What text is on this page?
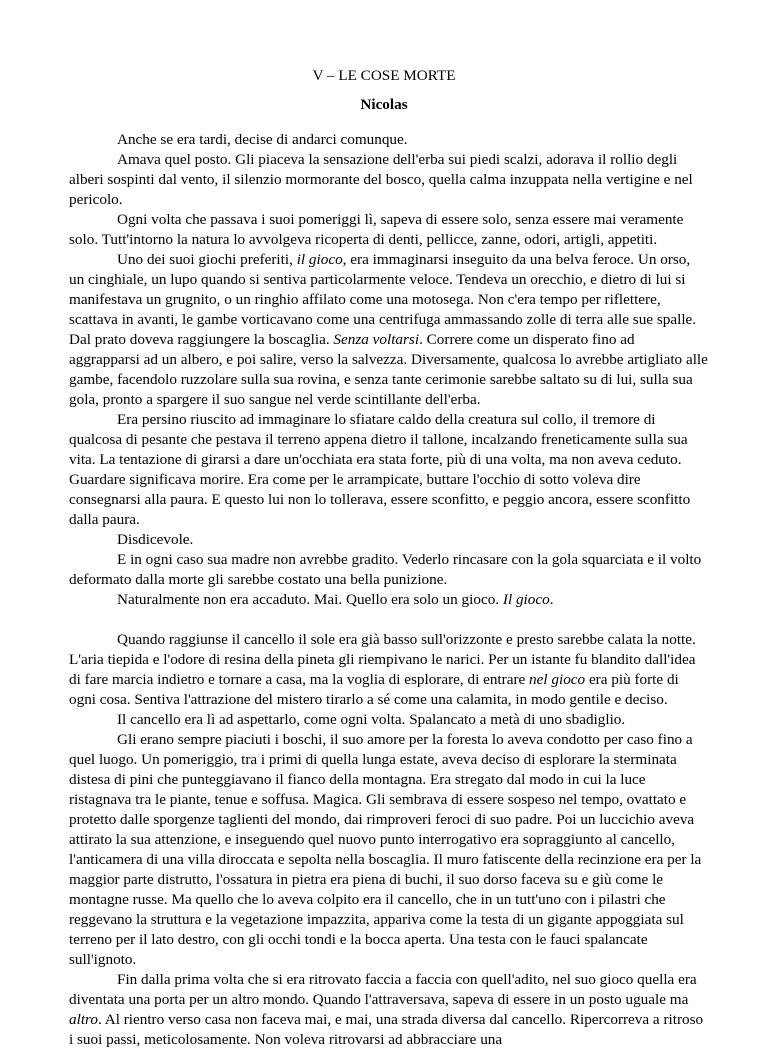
V – LE COSE MORTE
Nicolas

Anche se era tardi, decise di andarci comunque.

Amava quel posto. Gli piaceva la sensazione dell'erba sui piedi scalzi, adorava il rollio degli alberi sospinti dal vento, il silenzio mormorante del bosco, quella calma inzuppata nella vertigine e nel pericolo.

Ogni volta che passava i suoi pomeriggi lì, sapeva di essere solo, senza essere mai veramente solo. Tutt'intorno la natura lo avvolgeva ricoperta di denti, pellicce, zanne, odori, artigli, appetiti.

Uno dei suoi giochi preferiti, il gioco, era immaginarsi inseguito da una belva feroce. Un orso, un cinghiale, un lupo quando si sentiva particolarmente veloce. Tendeva un orecchio, e dietro di lui si manifestava un grugnito, o un ringhio affilato come una motosega. Non c'era tempo per riflettere, scattava in avanti, le gambe vorticavano come una centrifuga ammassando zolle di terra alle sue spalle. Dal prato doveva raggiungere la boscaglia. Senza voltarsi. Correre come un disperato fino ad aggrapparsi ad un albero, e poi salire, verso la salvezza. Diversamente, qualcosa lo avrebbe artigliato alle gambe, facendolo ruzzolare sulla sua rovina, e senza tante cerimonie sarebbe saltato su di lui, sulla sua gola, pronto a spargere il suo sangue nel verde scintillante dell'erba.

Era persino riuscito ad immaginare lo sfiatare caldo della creatura sul collo, il tremore di qualcosa di pesante che pestava il terreno appena dietro il tallone, incalzando freneticamente sulla sua vita. La tentazione di girarsi a dare un'occhiata era stata forte, più di una volta, ma non aveva ceduto. Guardare significava morire. Era come per le arrampicate, buttare l'occhio di sotto voleva dire consegnarsi alla paura. E questo lui non lo tollerava, essere sconfitto, e peggio ancora, essere sconfitto dalla paura.

Disdicevole.

E in ogni caso sua madre non avrebbe gradito. Vederlo rincasare con la gola squarciata e il volto deformato dalla morte gli sarebbe costato una bella punizione.

Naturalmente non era accaduto. Mai. Quello era solo un gioco. Il gioco.

Quando raggiunse il cancello il sole era già basso sull'orizzonte e presto sarebbe calata la notte. L'aria tiepida e l'odore di resina della pineta gli riempivano le narici. Per un istante fu blandito dall'idea di fare marcia indietro e tornare a casa, ma la voglia di esplorare, di entrare nel gioco era più forte di ogni cosa. Sentiva l'attrazione del mistero tirarlo a sé come una calamita, in modo gentile e deciso.

Il cancello era lì ad aspettarlo, come ogni volta. Spalancato a metà di uno sbadiglio.

Gli erano sempre piaciuti i boschi, il suo amore per la foresta lo aveva condotto per caso fino a quel luogo. Un pomeriggio, tra i primi di quella lunga estate, aveva deciso di esplorare la sterminata distesa di pini che punteggiavano il fianco della montagna. Era stregato dal modo in cui la luce ristagnava tra le piante, tenue e soffusa. Magica. Gli sembrava di essere sospeso nel tempo, ovattato e protetto dalle sporgenze taglienti del mondo, dai rimproveri feroci di suo padre. Poi un luccichio aveva attirato la sua attenzione, e inseguendo quel nuovo punto interrogativo era sopraggiunto al cancello, l'anticamera di una villa diroccata e sepolta nella boscaglia. Il muro fatiscente della recinzione era per la maggior parte distrutto, l'ossatura in pietra era piena di buchi, il suo dorso faceva su e giù come le montagne russe. Ma quello che lo aveva colpito era il cancello, che in un tutt'uno con i pilastri che reggevano la struttura e la vegetazione impazzita, appariva come la testa di un gigante appoggiata sul terreno per il lato destro, con gli occhi tondi e la bocca aperta. Una testa con le fauci spalancate sull'ignoto.

Fin dalla prima volta che si era ritrovato faccia a faccia con quell'adito, nel suo gioco quella era diventata una porta per un altro mondo. Quando l'attraversava, sapeva di essere in un posto uguale ma altro. Al rientro verso casa non faceva mai, e mai, una strada diversa dal cancello. Ripercorreva a ritroso i suoi passi, meticolosamente. Non voleva ritrovarsi ad abbracciare una
